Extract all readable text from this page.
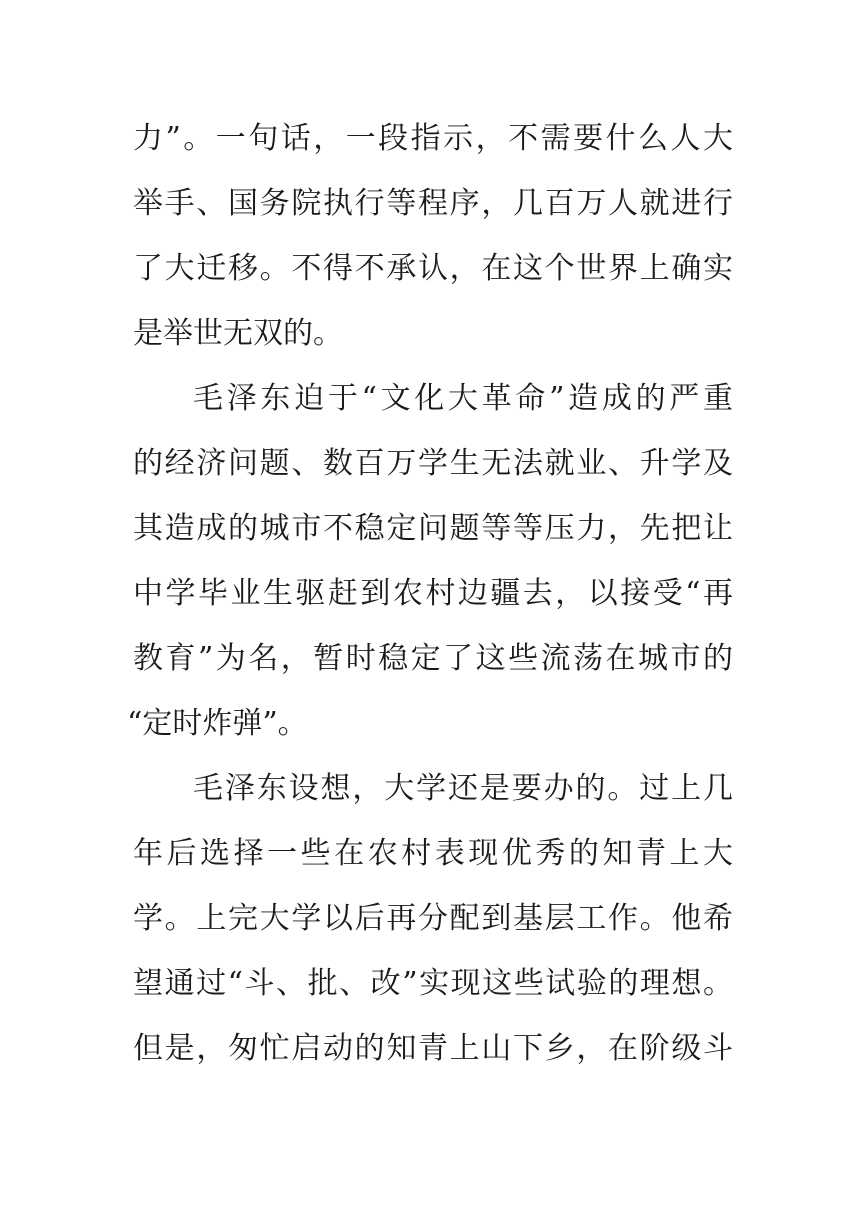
力”。一句话，一段指示，不需要什么人大
举手、国务院执行等程序，几百万人就进行
了大迁移。不得不承认，在这个世界上确实
是举世无双的。
毛泽东迫于“文化大革命”造成的严重
的经济问题、数百万学生无法就业、升学及
其造成的城市不稳定问题等等压力，先把让
中学毕业生驱赶到农村边疆去，以接受“再
教育”为名，暂时稳定了这些流荡在城市的
“定时炸弹”。
毛泽东设想，大学还是要办的。过上几
年后选择一些在农村表现优秀的知青上大
学。上完大学以后再分配到基层工作。他希
望通过“斗、批、改”实现这些试验的理想。
但是，匆忙启动的知青上山下乡，在阶级斗
